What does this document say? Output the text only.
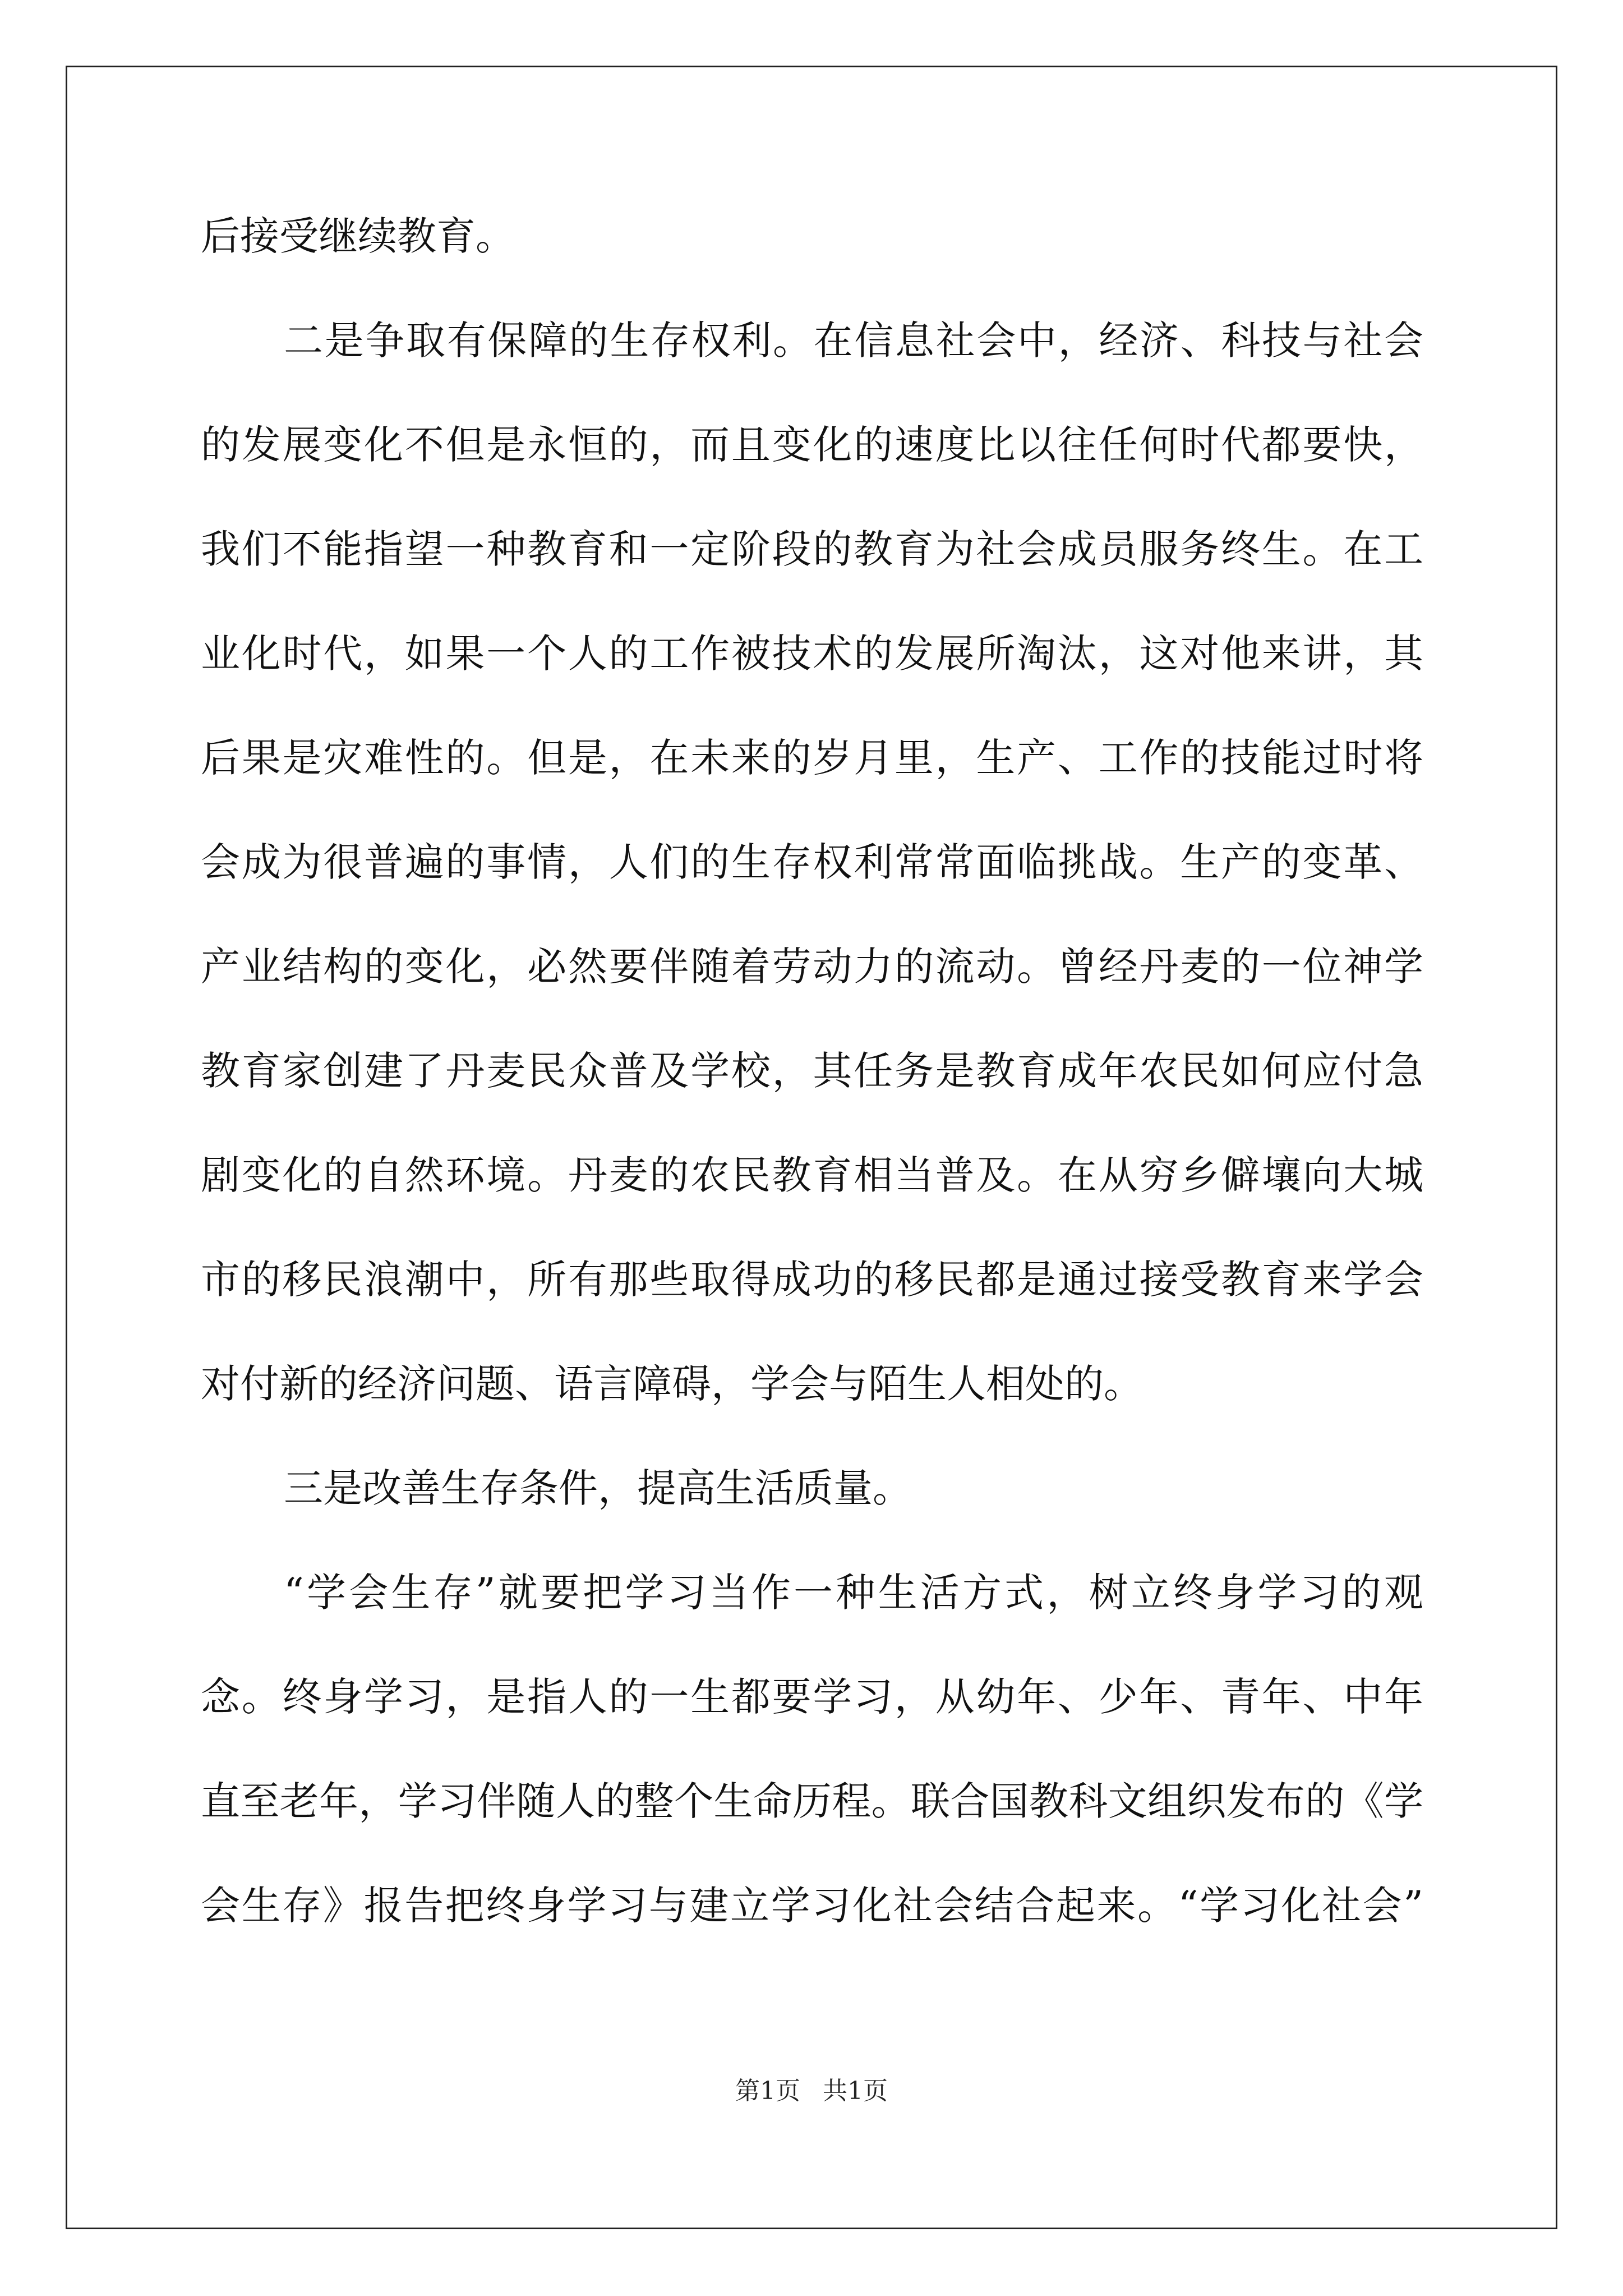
后接受继续教育。
二是争取有保障的生存权利。在信息社会中，经济、科技与社会
的发展变化不但是永恒的，而且变化的速度比以往任何时代都要快，
我们不能指望一种教育和一定阶段的教育为社会成员服务终生。在工
业化时代，如果一个人的工作被技术的发展所淘汰，这对他来讲，其
后果是灾难性的。但是，在未来的岁月里，生产、工作的技能过时将
会成为很普遍的事情，人们的生存权利常常面临挑战。生产的变革、
产业结构的变化，必然要伴随着劳动力的流动。曾经丹麦的一位神学
教育家创建了丹麦民众普及学校，其任务是教育成年农民如何应付急
剧变化的自然环境。丹麦的农民教育相当普及。在从穷乡僻壤向大城
市的移民浪潮中，所有那些取得成功的移民都是通过接受教育来学会
对付新的经济问题、语言障碍，学会与陌生人相处的。
三是改善生存条件，提高生活质量。
“学会生存”就要把学习当作一种生活方式，树立终身学习的观
念。终身学习，是指人的一生都要学习，从幼年、少年、青年、中年
直至老年，学习伴随人的整个生命历程。联合国教科文组织发布的《学
会生存》报告把终身学习与建立学习化社会结合起来。“学习化社会”
第1页 共1页
